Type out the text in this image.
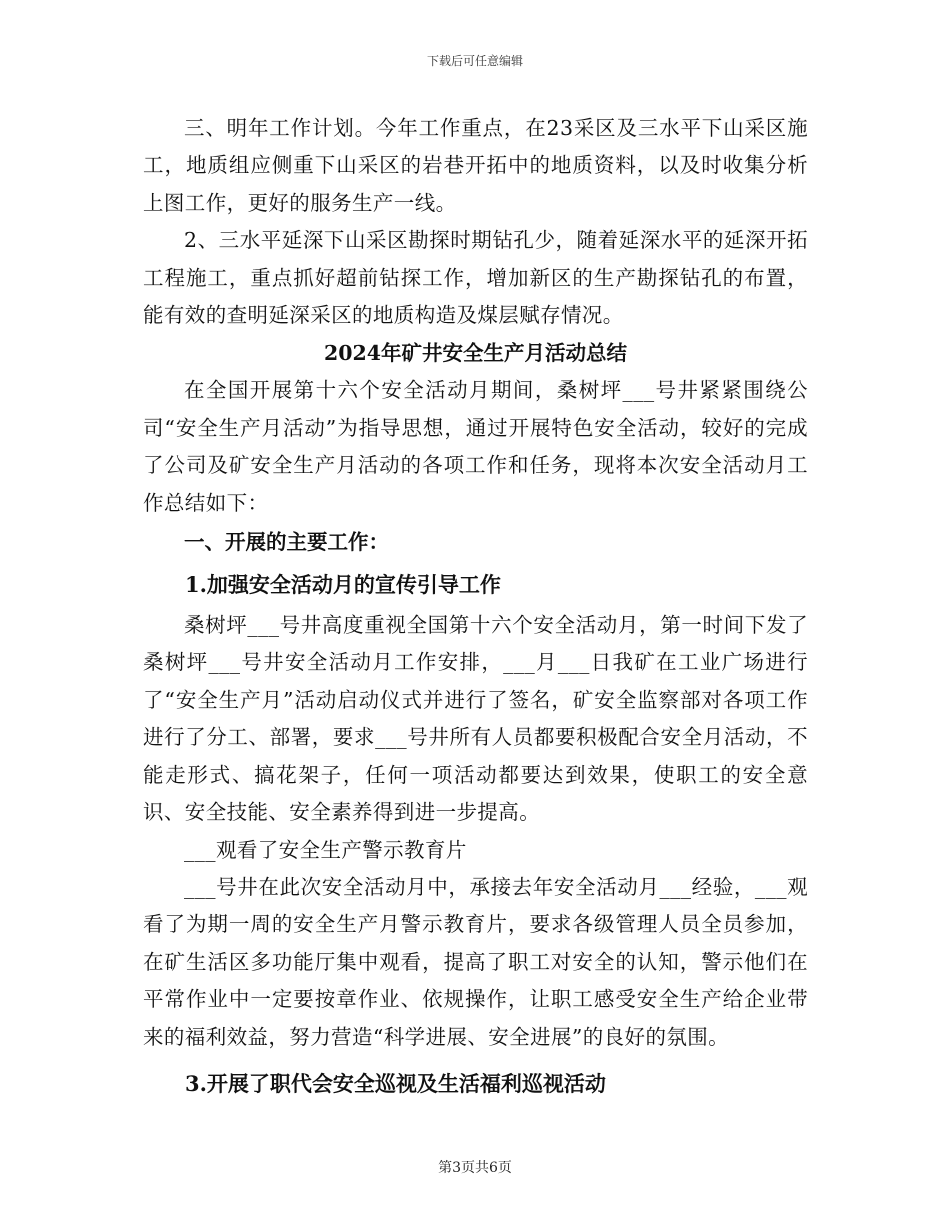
下载后可任意编辑

三、明年工作计划。今年工作重点，在23采区及三水平下山采区施工，地质组应侧重下山采区的岩巷开拓中的地质资料，以及时收集分析上图工作，更好的服务生产一线。

2、三水平延深下山采区勘探时期钻孔少，随着延深水平的延深开拓工程施工，重点抓好超前钻探工作，增加新区的生产勘探钻孔的布置，能有效的查明延深采区的地质构造及煤层赋存情况。

2024年矿井安全生产月活动总结

在全国开展第十六个安全活动月期间，桑树坪___号井紧紧围绕公司“安全生产月活动”为指导思想，通过开展特色安全活动，较好的完成了公司及矿安全生产月活动的各项工作和任务，现将本次安全活动月工作总结如下：

一、开展的主要工作：

1.加强安全活动月的宣传引导工作

桑树坪___号井高度重视全国第十六个安全活动月，第一时间下发了桑树坪___号井安全活动月工作安排，___月___日我矿在工业广场进行了“安全生产月”活动启动仪式并进行了签名，矿安全监察部对各项工作进行了分工、部署，要求___号井所有人员都要积极配合安全月活动，不能走形式、搞花架子，任何一项活动都要达到效果，使职工的安全意识、安全技能、安全素养得到进一步提高。

___观看了安全生产警示教育片

___号井在此次安全活动月中，承接去年安全活动月___经验，___观看了为期一周的安全生产月警示教育片，要求各级管理人员全员参加，在矿生活区多功能厅集中观看，提高了职工对安全的认知，警示他们在平常作业中一定要按章作业、依规操作，让职工感受安全生产给企业带来的福利效益，努力营造“科学进展、安全进展”的良好的氛围。

3.开展了职代会安全巡视及生活福利巡视活动

第3页共6页
